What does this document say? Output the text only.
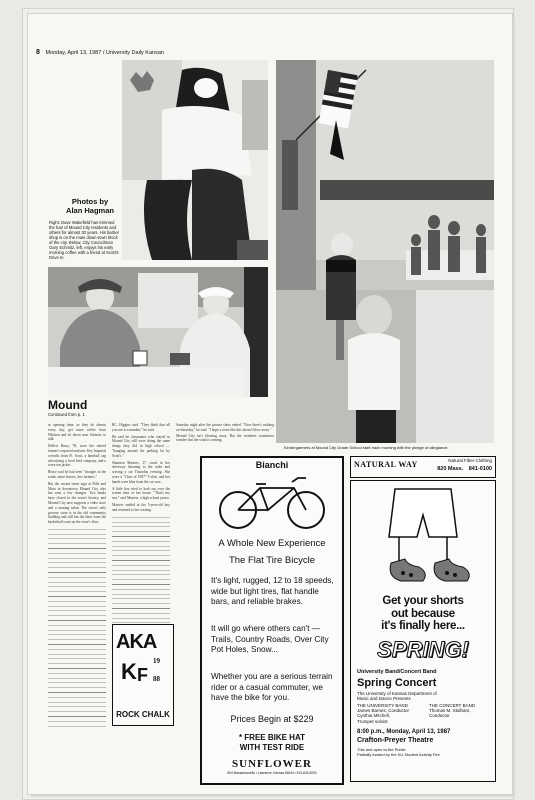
8 Monday, April 13, 1987 / University Daily Kansan
Photos by
Alan Hagman
Right: Dave Wakefield has trimmed the hair of Mound City residents and others for almost 30 years. His barber shop is on the main down-town block of the city. Below, City Councilman Gary Schmitz, left, enjoys his early morning coffee with a friend at Scott's Drive In.
Kindergartners at Mound City Grade School start each morning with the pledge of allegiance.
Mound
Continued from p. 1

at opening time, as they do almost every day, get some coffee from Whitten and sit down near Schmitz to talk.

Dellert Drury, 78, wore the retired farmer's required uniform: Key Imperial overalls from Ft. Scott, a baseball cap advertising a local feed company, and a worn tan jacket.

Bruce said he had seen "changes in the roads, more houses, less farmers."

But the vacant street sign at Fifth and Main in downtown Mound City also has seen a few changes. Two banks have closed in the town's history, and Mound City now supports a video store and a tanning salon. The town's only grocery store is in the old community building and still has the lines from the basketball court on the store's floor.

RC, Higgins said. "They think that all you are is a number," he said.

He said he classmates who stayed in Mound City still were doing the same things they did in high school — "hanging around the parking lot by Scott's."

Shannon Masters, 17, stood in her driveway listening to the radio and waving a car Thursday evening. She wore a "Class of 1987" T-shirt, and her hands were blue from the car wax.

A little boy tried to look out over the screen door of her house. "That's my son," said Masters, a high school junior.

Masters smiled at the 5-year-old boy and returned to her waxing.

Saturday night after the picture show ended. "Now there's nothing on Saturday," he said. "I hope a town like this doesn't blow away."

Mound City isn't blowing away. But the residents sometimes wonder that the wind is coming.

AKA
19
88
K F
ROCK CHALK
Bianchi
A Whole New Experience
The Flat Tire Bicycle
It's light, rugged, 12 to 18 speeds, wide but light tires, flat handle bars, and reliable brakes.
It will go where others can't — Trails, Country Roads, Over City Pot Holes, Snow...
Whether you are a serious terrain rider or a casual commuter, we have the bike for you.
Prices Begin at $229
* FREE BIKE HAT
WITH TEST RIDE
SUNFLOWER
804 Massachusetts • Lawrence, Kansas 66044 • 913-843-5000
NATURAL WAY	Natural Fiber Clothing
820 Mass. 841-0100
Get your shorts
out because
it's finally here...
SPRING!
University Band/Concert Band
Spring Concert
The University of Kansas Department of
Music and Dance Presents
THE UNIVERSITY BAND
James Barnes, Conductor
Cynthia Mitchell,
Trumpet soloist
THE CONCERT BAND
Thomas M. Stidham,
Conductor
8:00 p.m., Monday, April 13, 1987
Crafton-Preyer Theatre
This and open to the Public
Partially funded by the KU Student Activity Fee
